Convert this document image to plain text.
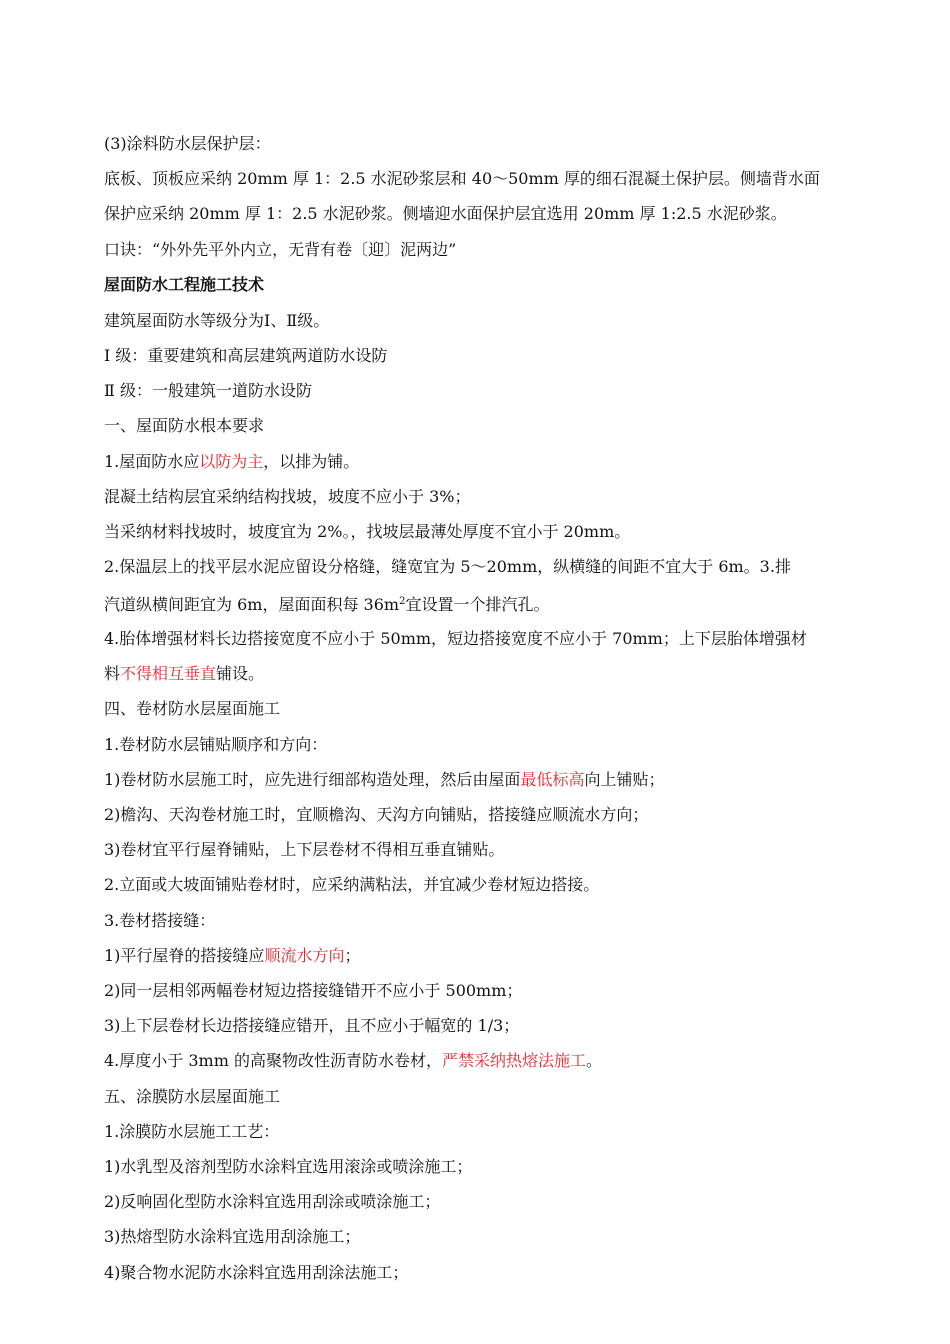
(3)涂料防水层保护层：
底板、顶板应采纳 20mm 厚 1：2.5 水泥砂浆层和 40～50mm 厚的细石混凝土保护层。侧墙背水面
保护应采纳 20mm 厚 1：2.5 水泥砂浆。侧墙迎水面保护层宜选用 20mm 厚 1:2.5 水泥砂浆。
口诀：“外外先平外内立，无背有卷〔迎〕泥两边”
屋面防水工程施工技术
建筑屋面防水等级分为Ⅰ、Ⅱ级。
Ⅰ 级：重要建筑和高层建筑两道防水设防
Ⅱ 级：一般建筑一道防水设防
一、屋面防水根本要求
1.屋面防水应以防为主，以排为铺。
混凝土结构层宜采纳结构找坡，坡度不应小于 3%；
当采纳材料找坡时，坡度宜为 2%。，找坡层最薄处厚度不宜小于 20mm。
2.保温层上的找平层水泥应留设分格缝，缝宽宜为 5～20mm，纵横缝的间距不宜大于 6m。3.排
汽道纵横间距宜为 6m，屋面面积每 $36m^2$宜设置一个排汽孔。
4.胎体增强材料长边搭接宽度不应小于 50mm，短边搭接宽度不应小于 70mm；上下层胎体增强材
料不得相互垂直铺设。
四、卷材防水层屋面施工
1.卷材防水层铺贴顺序和方向：
1)卷材防水层施工时，应先进行细部构造处理，然后由屋面最低标高向上铺贴；
2)檐沟、天沟卷材施工时，宜顺檐沟、天沟方向铺贴，搭接缝应顺流水方向；
3)卷材宜平行屋脊铺贴，上下层卷材不得相互垂直铺贴。
2.立面或大坡面铺贴卷材时，应采纳满粘法，并宜减少卷材短边搭接。
3.卷材搭接缝：
1)平行屋脊的搭接缝应顺流水方向；
2)同一层相邻两幅卷材短边搭接缝错开不应小于 500mm；
3)上下层卷材长边搭接缝应错开，且不应小于幅宽的 1/3；
4.厚度小于 3mm 的高聚物改性沥青防水卷材，严禁采纳热熔法施工。
五、涂膜防水层屋面施工
1.涂膜防水层施工工艺：
1)水乳型及溶剂型防水涂料宜选用滚涂或喷涂施工；
2)反响固化型防水涂料宜选用刮涂或喷涂施工；
3)热熔型防水涂料宜选用刮涂施工；
4)聚合物水泥防水涂料宜选用刮涂法施工；
